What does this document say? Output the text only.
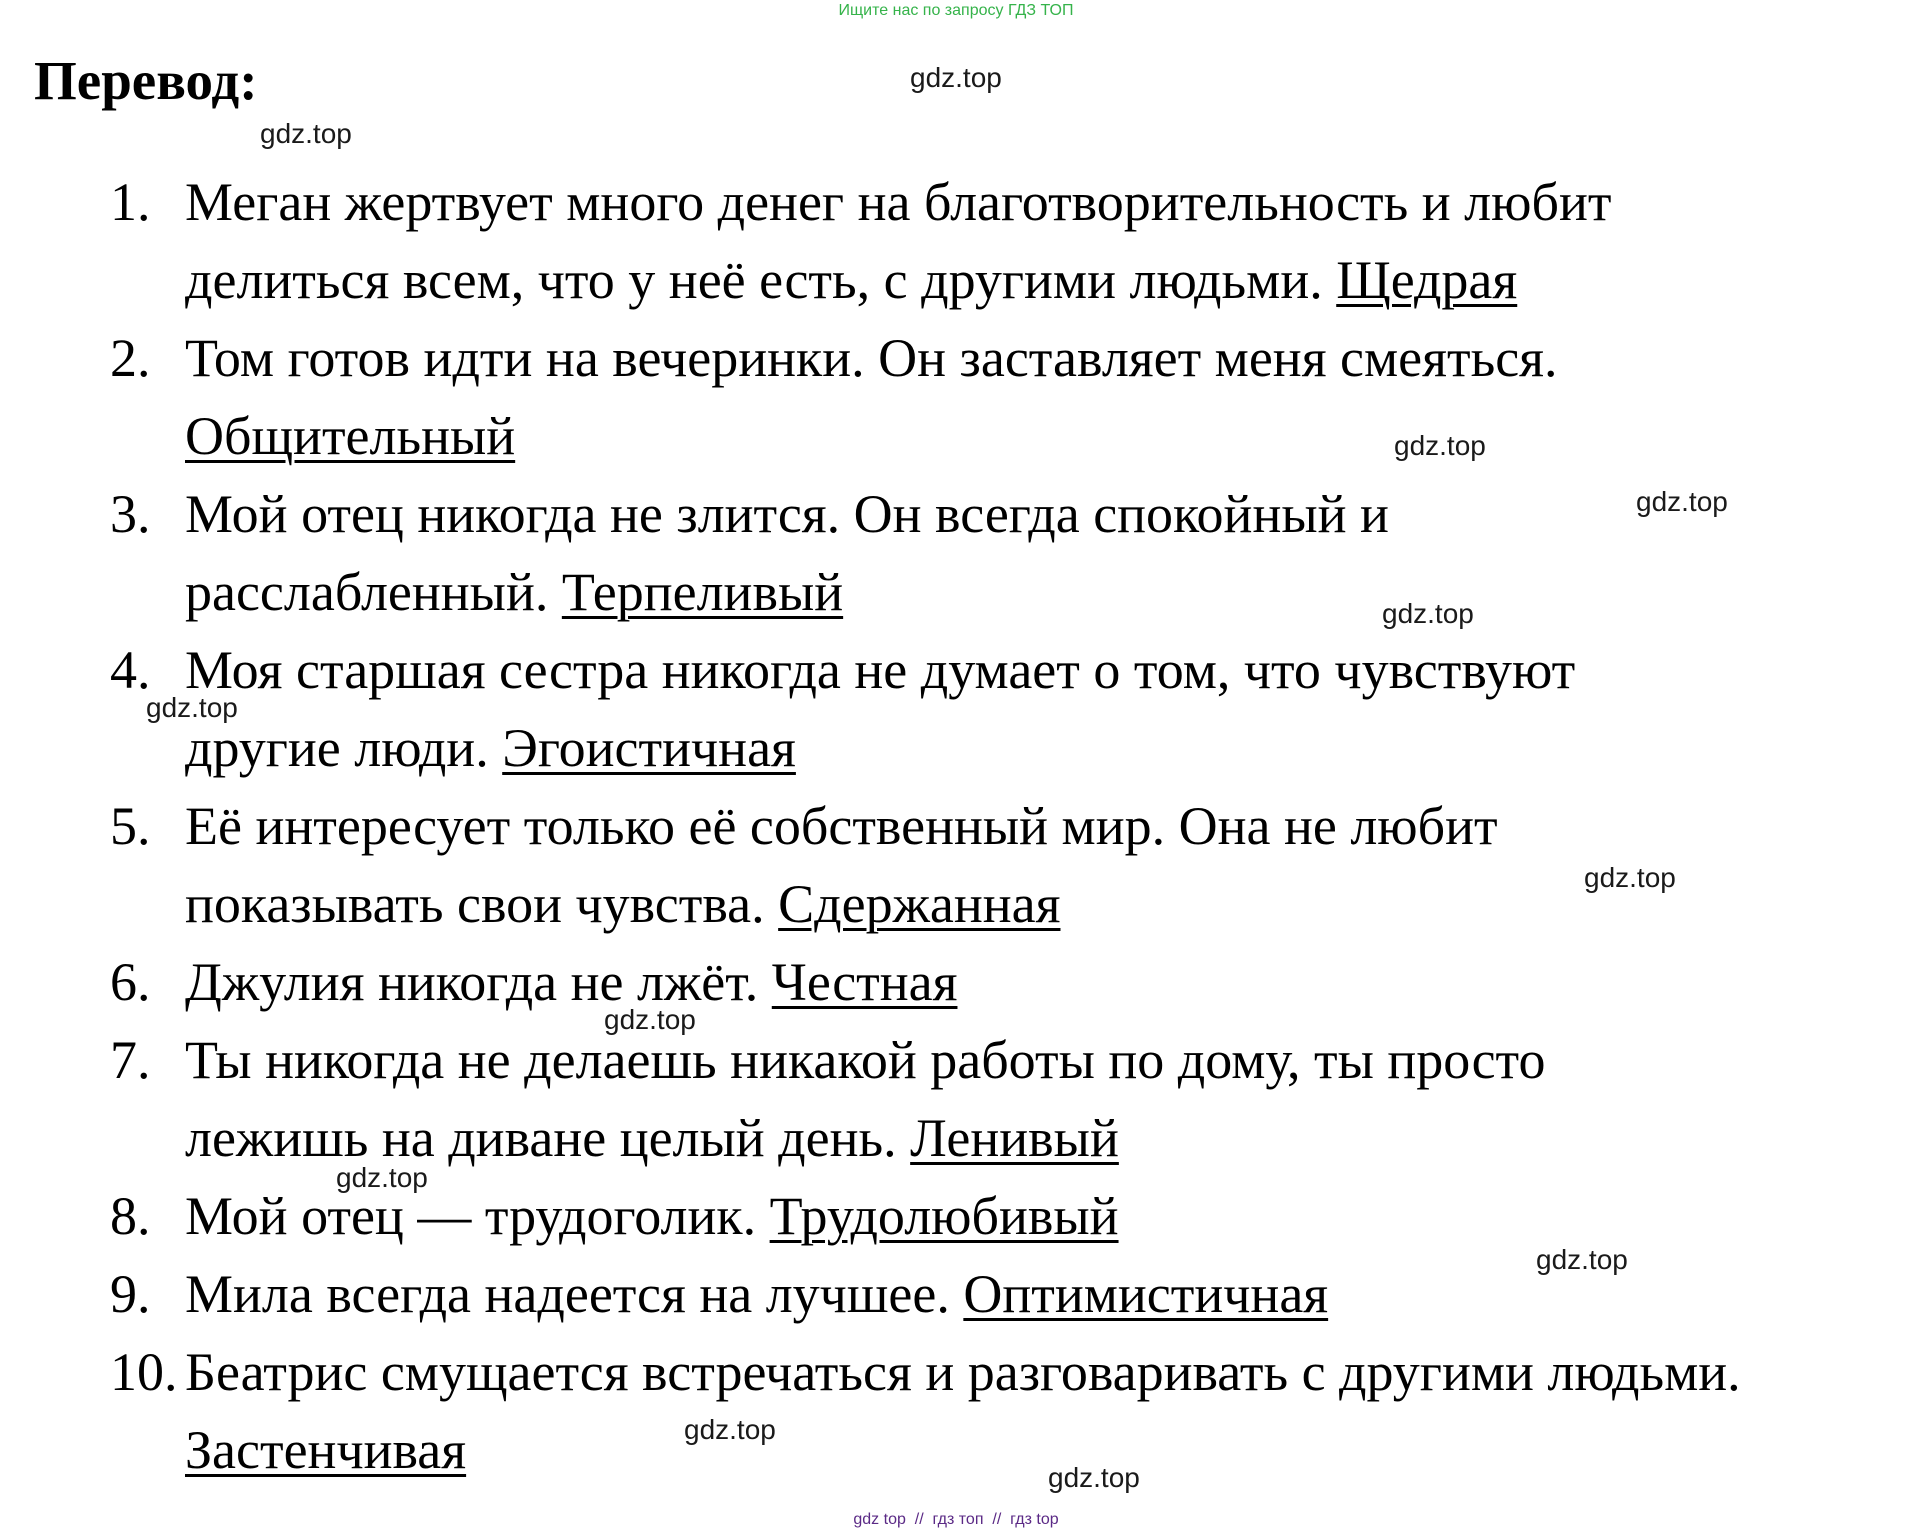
Ищите нас по запросу ГДЗ ТОП
Перевод:
1. Меган жертвует много денег на благотворительность и любит
делиться всем, что у неё есть, с другими людьми. Щедрая
2. Том готов идти на вечеринки. Он заставляет меня смеяться.
Общительный
3. Мой отец никогда не злится. Он всегда спокойный и
расслабленный. Терпеливый
4. Моя старшая сестра никогда не думает о том, что чувствуют
другие люди. Эгоистичная
5. Её интересует только её собственный мир. Она не любит
показывать свои чувства. Сдержанная
6. Джулия никогда не лжёт. Честная
7. Ты никогда не делаешь никакой работы по дому, ты просто
лежишь на диване целый день. Ленивый
8. Мой отец — трудоголик. Трудолюбивый
9. Мила всегда надеется на лучшее. Оптимистичная
10. Беатрис смущается встречаться и разговаривать с другими людьми.
Застенчивая
gdz.top
gdz.top
gdz.top
gdz.top
gdz.top
gdz.top
gdz.top
gdz.top
gdz.top
gdz.top
gdz.top
gdz.top
gdz top  //  гдз топ  //  гдз top
